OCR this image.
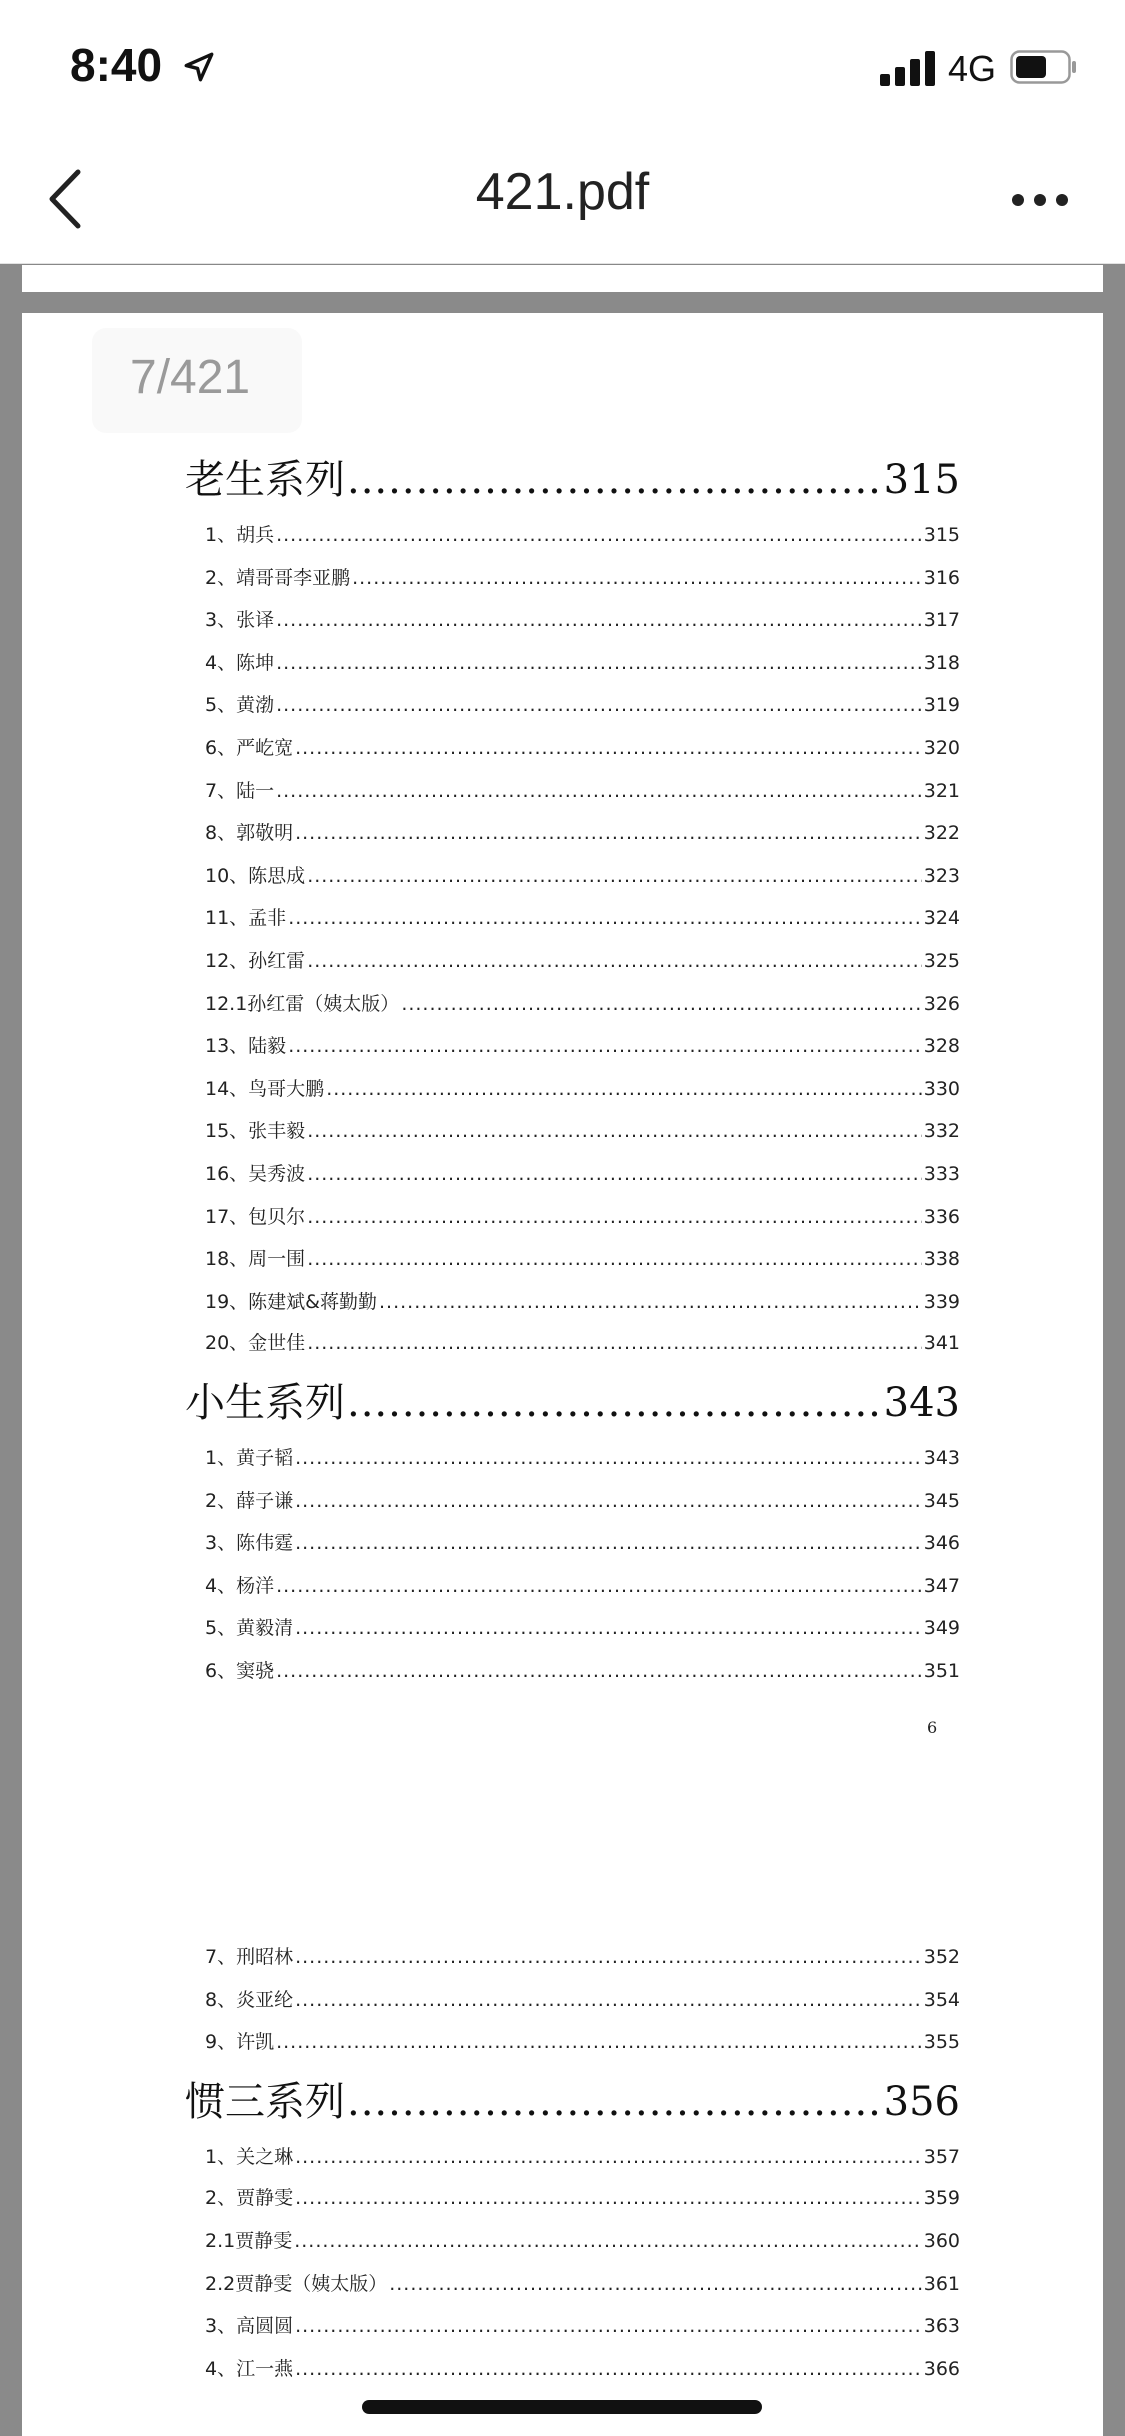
8:40	4G
421.pdf
7/421
老生系列 .....	315
1、胡兵 .....	315
2、靖哥哥李亚鹏 .....	316
3、张译 .....	317
4、陈坤 .....	318
5、黄渤 .....	319
6、严屹宽 .....	320
7、陆一 .....	321
8、郭敬明 .....	322
10、陈思成 .....	323
11、孟非 .....	324
12、孙红雷 .....	325
12.1孙红雷（姨太版） .....	326
13、陆毅 .....	328
14、鸟哥大鹏 .....	330
15、张丰毅 .....	332
16、吴秀波 .....	333
17、包贝尔 .....	336
18、周一围 .....	338
19、陈建斌&蒋勤勤 .....	339
20、金世佳 .....	341
小生系列 .....	343
1、黄子韬 .....	343
2、薛子谦 .....	345
3、陈伟霆 .....	346
4、杨洋 .....	347
5、黄毅清 .....	349
6、窦骁 .....	351
6
7、刑昭林 .....	352
8、炎亚纶 .....	354
9、许凯 .....	355
惯三系列 .....	356
1、关之琳 .....	357
2、贾静雯 .....	359
2.1贾静雯 .....	360
2.2贾静雯（姨太版） .....	361
3、高圆圆 .....	363
4、江一燕 .....	366
知乎 @Tydan
